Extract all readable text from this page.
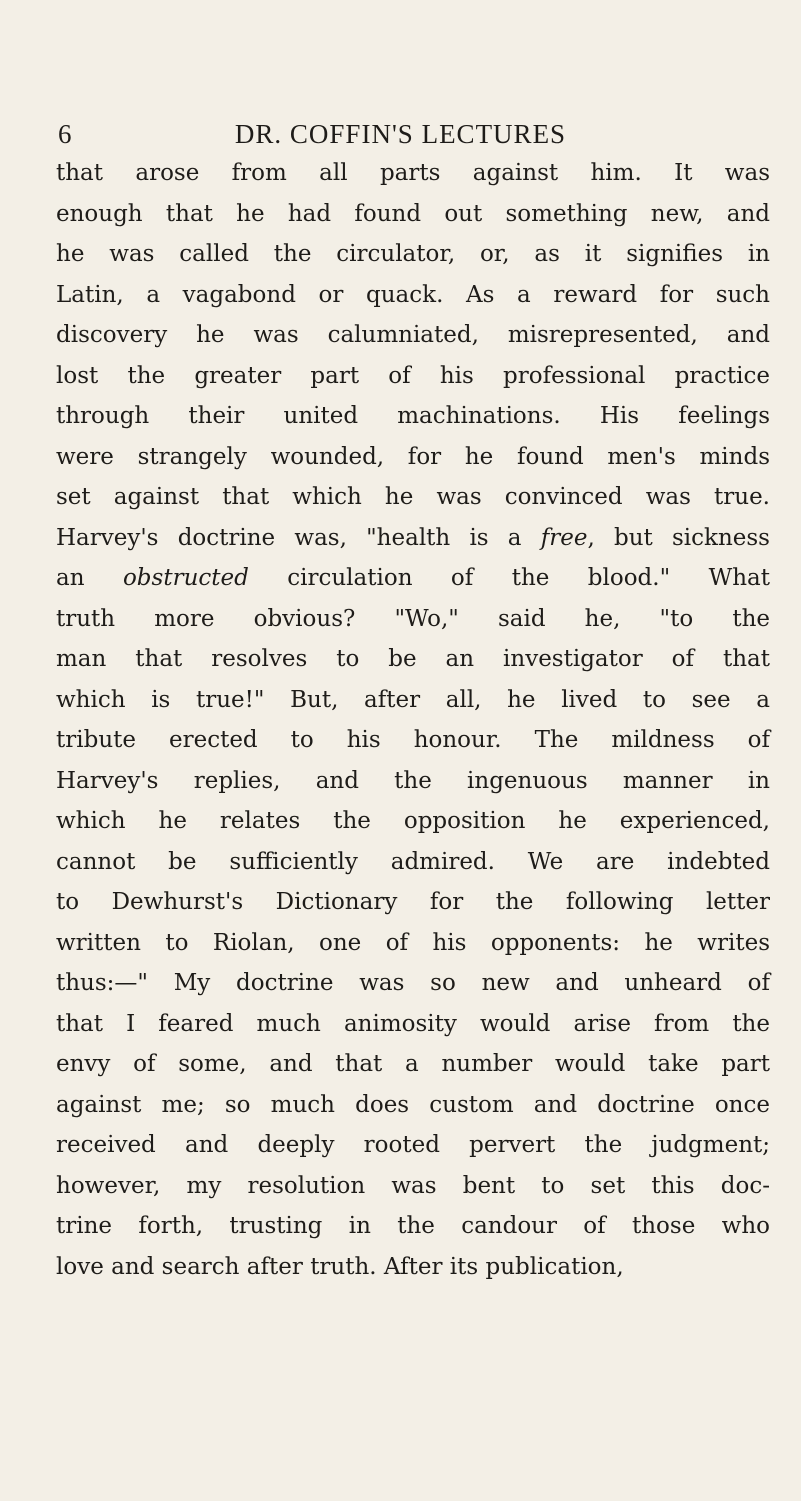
6	DR. COFFIN'S LECTURES
that arose from all parts against him. It was
enough that he had found out something new, and
he was called the circulator, or, as it signifies in
Latin, a vagabond or quack. As a reward for such
discovery he was calumniated, misrepresented, and
lost the greater part of his professional practice
through their united machinations. His feelings
were strangely wounded, for he found men's minds
set against that which he was convinced was true.
Harvey's doctrine was, "health is a free, but sickness
an obstructed circulation of the blood." What
truth more obvious? "Wo," said he, "to the
man that resolves to be an investigator of that
which is true!" But, after all, he lived to see a
tribute erected to his honour. The mildness of
Harvey's replies, and the ingenuous manner in
which he relates the opposition he experienced,
cannot be sufficiently admired. We are indebted
to Dewhurst's Dictionary for the following letter
written to Riolan, one of his opponents: he writes
thus:—" My doctrine was so new and unheard of
that I feared much animosity would arise from the
envy of some, and that a number would take part
against me; so much does custom and doctrine once
received and deeply rooted pervert the judgment;
however, my resolution was bent to set this doc-
trine forth, trusting in the candour of those who
love and search after truth. After its publication,
